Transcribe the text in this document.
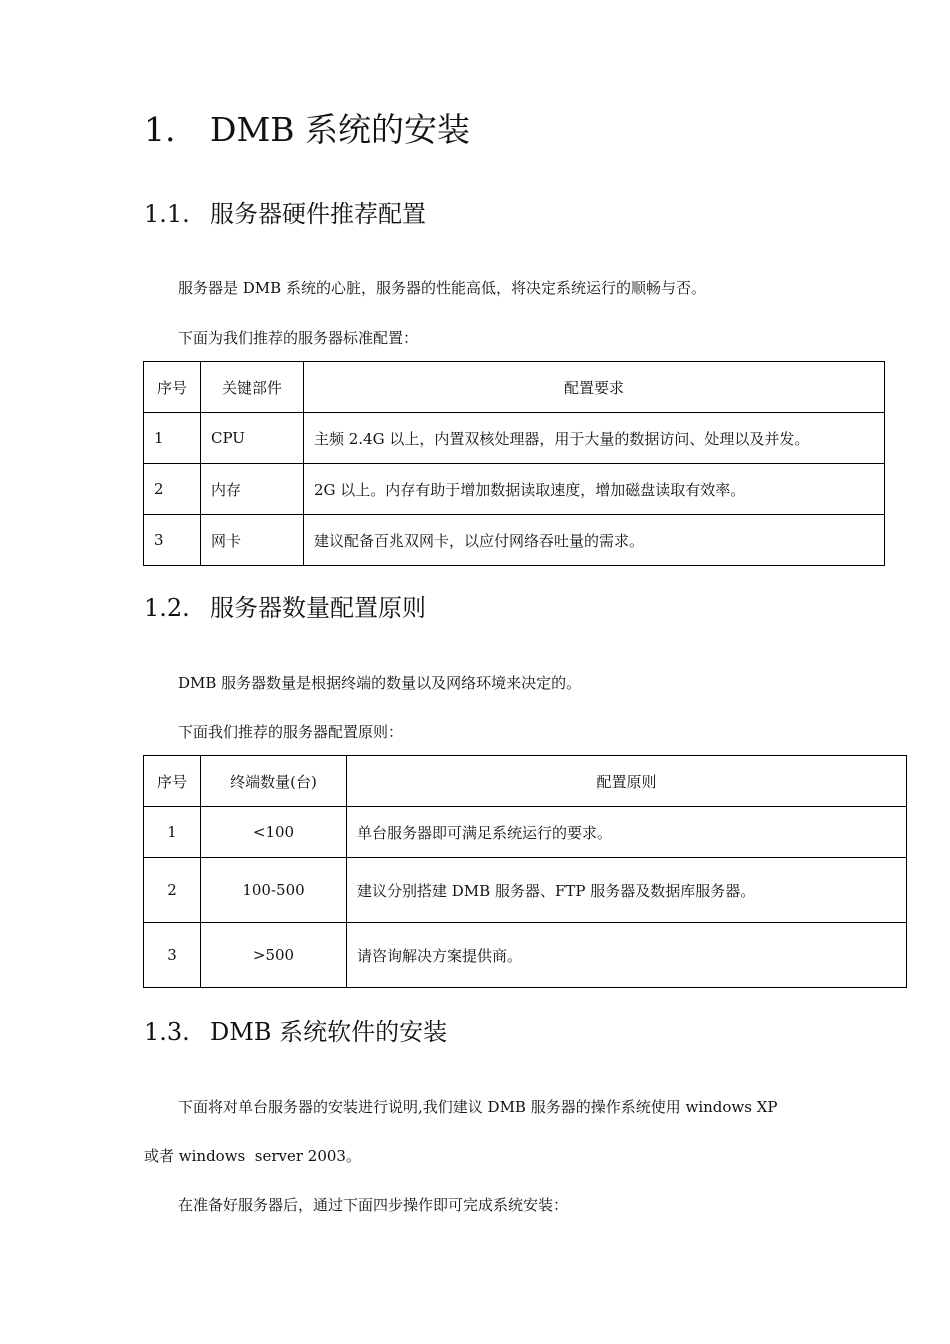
1. DMB 系统的安装
1.1. 服务器硬件推荐配置
服务器是 DMB 系统的心脏，服务器的性能高低，将决定系统运行的顺畅与否。
下面为我们推荐的服务器标准配置：
序号	关键部件	配置要求
1	CPU	主频 2.4G 以上，内置双核处理器，用于大量的数据访问、处理以及并发。
2	内存	2G 以上。内存有助于增加数据读取速度，增加磁盘读取有效率。
3	网卡	建议配备百兆双网卡，以应付网络吞吐量的需求。
1.2. 服务器数量配置原则
DMB 服务器数量是根据终端的数量以及网络环境来决定的。
下面我们推荐的服务器配置原则：
序号	终端数量(台)	配置原则
1	<100	单台服务器即可满足系统运行的要求。
2	100-500	建议分别搭建 DMB 服务器、FTP 服务器及数据库服务器。
3	>500	请咨询解决方案提供商。
1.3. DMB 系统软件的安装
下面将对单台服务器的安装进行说明,我们建议 DMB 服务器的操作系统使用 windows XP
或者 windows  server 2003。
在准备好服务器后，通过下面四步操作即可完成系统安装：
